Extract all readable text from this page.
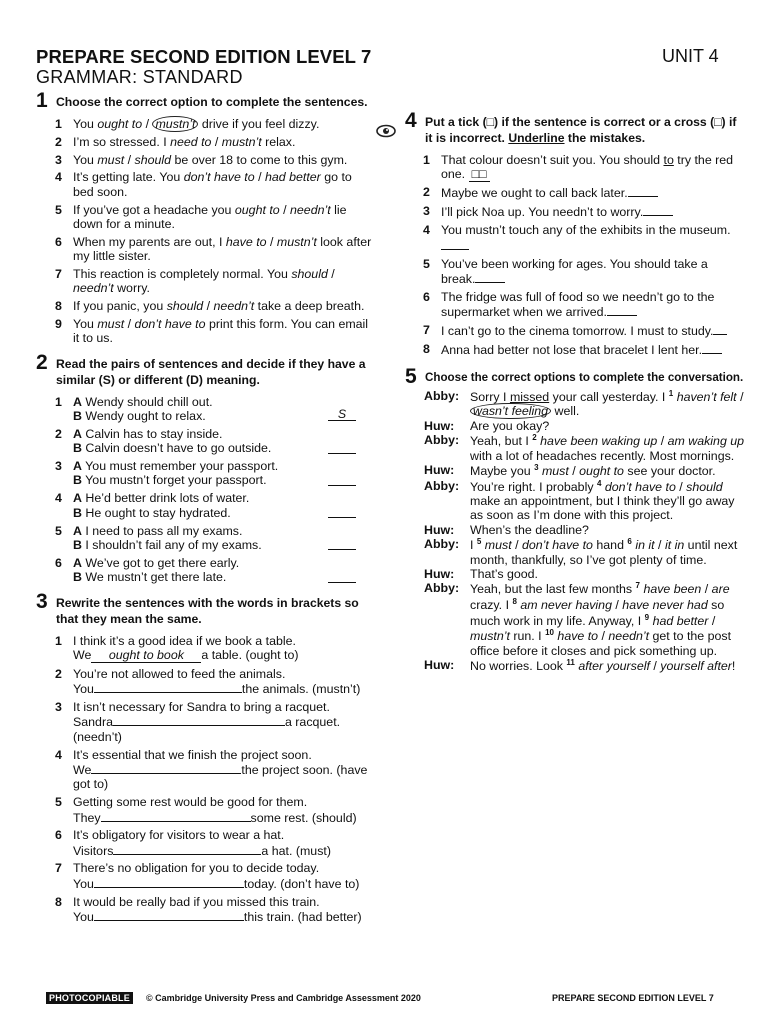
PREPARE SECOND EDITION LEVEL 7	UNIT 4
GRAMMAR: STANDARD
1 Choose the correct option to complete the sentences.
1 You ought to / mustn’t drive if you feel dizzy.
2 I’m so stressed. I need to / mustn’t relax.
3 You must / should be over 18 to come to this gym.
4 It’s getting late. You don’t have to / had better go to bed soon.
5 If you’ve got a headache you ought to / needn’t lie down for a minute.
6 When my parents are out, I have to / mustn’t look after my little sister.
7 This reaction is completely normal. You should / needn’t worry.
8 If you panic, you should / needn’t take a deep breath.
9 You must / don’t have to print this form. You can email it to us.
2 Read the pairs of sentences and decide if they have a similar (S) or different (D) meaning.
1 A Wendy should chill out.
B Wendy ought to relax.	S
2 A Calvin has to stay inside.
B Calvin doesn’t have to go outside.
3 A You must remember your passport.
B You mustn’t forget your passport.
4 A He’d better drink lots of water.
B He ought to stay hydrated.
5 A I need to pass all my exams.
B I shouldn’t fail any of my exams.
6 A We’ve got to get there early.
B We mustn’t get there late.
3 Rewrite the sentences with the words in brackets so that they mean the same.
1 I think it’s a good idea if we book a table.
We ought to book a table. (ought to)
2 You’re not allowed to feed the animals.
You	the animals. (mustn’t)
3 It isn’t necessary for Sandra to bring a racquet.
Sandra	a racquet. (needn’t)
4 It’s essential that we finish the project soon.
We	the project soon. (have got to)
5 Getting some rest would be good for them.
They	some rest. (should)
6 It’s obligatory for visitors to wear a hat.
Visitors	a hat. (must)
7 There’s no obligation for you to decide today.
You	today. (don’t have to)
8 It would be really bad if you missed this train.
You	this train. (had better)
4 Put a tick (□) if the sentence is correct or a cross (□) if it is incorrect. Underline the mistakes.
1 That colour doesn’t suit you. You should to try the red one. □□
2 Maybe we ought to call back later.
3 I’ll pick Noa up. You needn’t to worry.
4 You mustn’t touch any of the exhibits in the museum.
5 You’ve been working for ages. You should take a break.
6 The fridge was full of food so we needn’t go to the supermarket when we arrived.
7 I can’t go to the cinema tomorrow. I must to study.
8 Anna had better not lose that bracelet I lent her.
5 Choose the correct options to complete the conversation.
Abby: Sorry I missed your call yesterday. I $^1$ haven’t felt / wasn’t feeling well.
Huw:	Are you okay?
Abby: Yeah, but I $^2$ have been waking up / am waking up with a lot of headaches recently. Most mornings.
Huw:	Maybe you $^3$ must / ought to see your doctor.
Abby: You’re right. I probably $^4$ don’t have to / should make an appointment, but I think they’ll go away as soon as I’m done with this project.
Huw:	When’s the deadline?
Abby: I $^5$ must / don’t have to hand $^6$ in it / it in until next month, thankfully, so I’ve got plenty of time.
Huw:	That’s good.
Abby: Yeah, but the last few months $^7$ have been / are crazy. I $^8$ am never having / have never had so much work in my life. Anyway, I $^9$ had better / mustn’t run. I $^{10}$ have to / needn’t get to the post office before it closes and pick something up.
Huw:	No worries. Look $^{11}$ after yourself / yourself after!
PHOTOCOPIABLE	© Cambridge University Press and Cambridge Assessment 2020	PREPARE SECOND EDITION LEVEL 7
